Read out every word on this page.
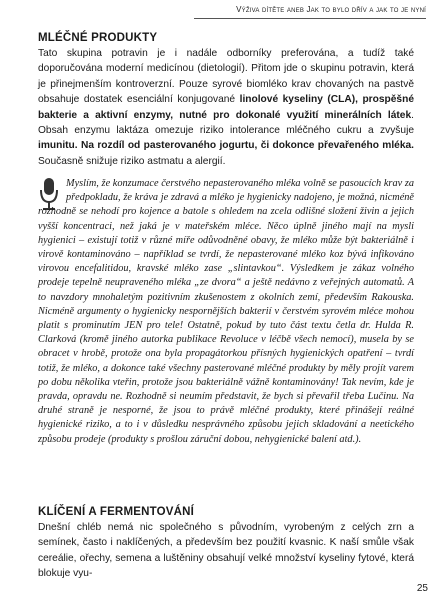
Výživa dítěte aneb Jak to bylo dřív a jak to je nyní
MLÉČNÉ PRODUKTY

Tato skupina potravin je i nadále odborníky preferována, a tudíž také doporučována moderní medicínou (dietologií). Přitom jde o skupinu potravin, která je přinejmenším kontroverzní. Pouze syrové biomléko krav chovaných na pastvě obsahuje dostatek esenciální konjugované linolové kyseliny (CLA), prospěšné bakterie a aktivní enzymy, nutné pro dokonalé využití minerálních látek. Obsah enzymu laktáza omezuje riziko intolerance mléčného cukru a zvyšuje imunitu. Na rozdíl od pasterovaného jogurtu, či dokonce převařeného mléka. Současně snižuje riziko astmatu a alergií.

Myslím, že konzumace čerstvého nepasterovaného mléka volně se pasoucích krav za předpokladu, že kráva je zdravá a mléko je hygienicky nadojeno, je možná, nicméně rozhodně se nehodí pro kojence a batole s ohledem na zcela odlišné složení živin a jejich vyšší koncentraci, než jaká je v mateřském mléce. Něco úplně jiného mají na mysli hygienici – existují totiž v různé míře odůvodněné obavy, že mléko může být bakteriálně i virově kontaminováno – například se tvrdí, že nepasterované mléko koz bývá infikováno virovou encefalitidou, kravské mléko zase „slintavkou“. Výsledkem je zákaz volného prodeje tepelně neupraveného mléka „ze dvora“ a ještě nedávno z veřejných automatů. A to navzdory mnohaletým pozitivním zkušenostem z okolních zemí, především Rakouska. Nicméně argumenty o hygienicky nespornějších bakterií v čerstvém syrovém mléce mohou platit s prominutím JEN pro tele! Ostatně, pokud by tuto část textu četla dr. Hulda R. Clarková (kromě jiného autorka publikace Revoluce v léčbě všech nemocí), musela by se obracet v hrobě, protože ona byla propagátorkou přísných hygienických opatření – tvrdí totiž, že mléko, a dokonce také všechny pasterované mléčné produkty by měly projít varem po dobu několika vteřin, protože jsou bakteriálně vážně kontaminovány! Tak nevím, kde je pravda, opravdu ne. Rozhodně si neumím představit, že bych si převařil třeba Lučinu. Na druhé straně je nesporné, že jsou to právě mléčné produkty, které přinášejí reálné hygienické riziko, a to i v důsledku nesprávného způsobu jejich skladování a neetického způsobu prodeje (produkty s prošlou záruční dobou, nehygienické balení atd.).

KLÍČENÍ A FERMENTOVÁNÍ

Dnešní chléb nemá nic společného s původním, vyrobeným z celých zrn a semínek, často i naklíčených, a především bez použití kvasnic. K naší smůle však cereálie, ořechy, semena a luštěniny obsahují velké množství kyseliny fytové, která blokuje vyu-

25
